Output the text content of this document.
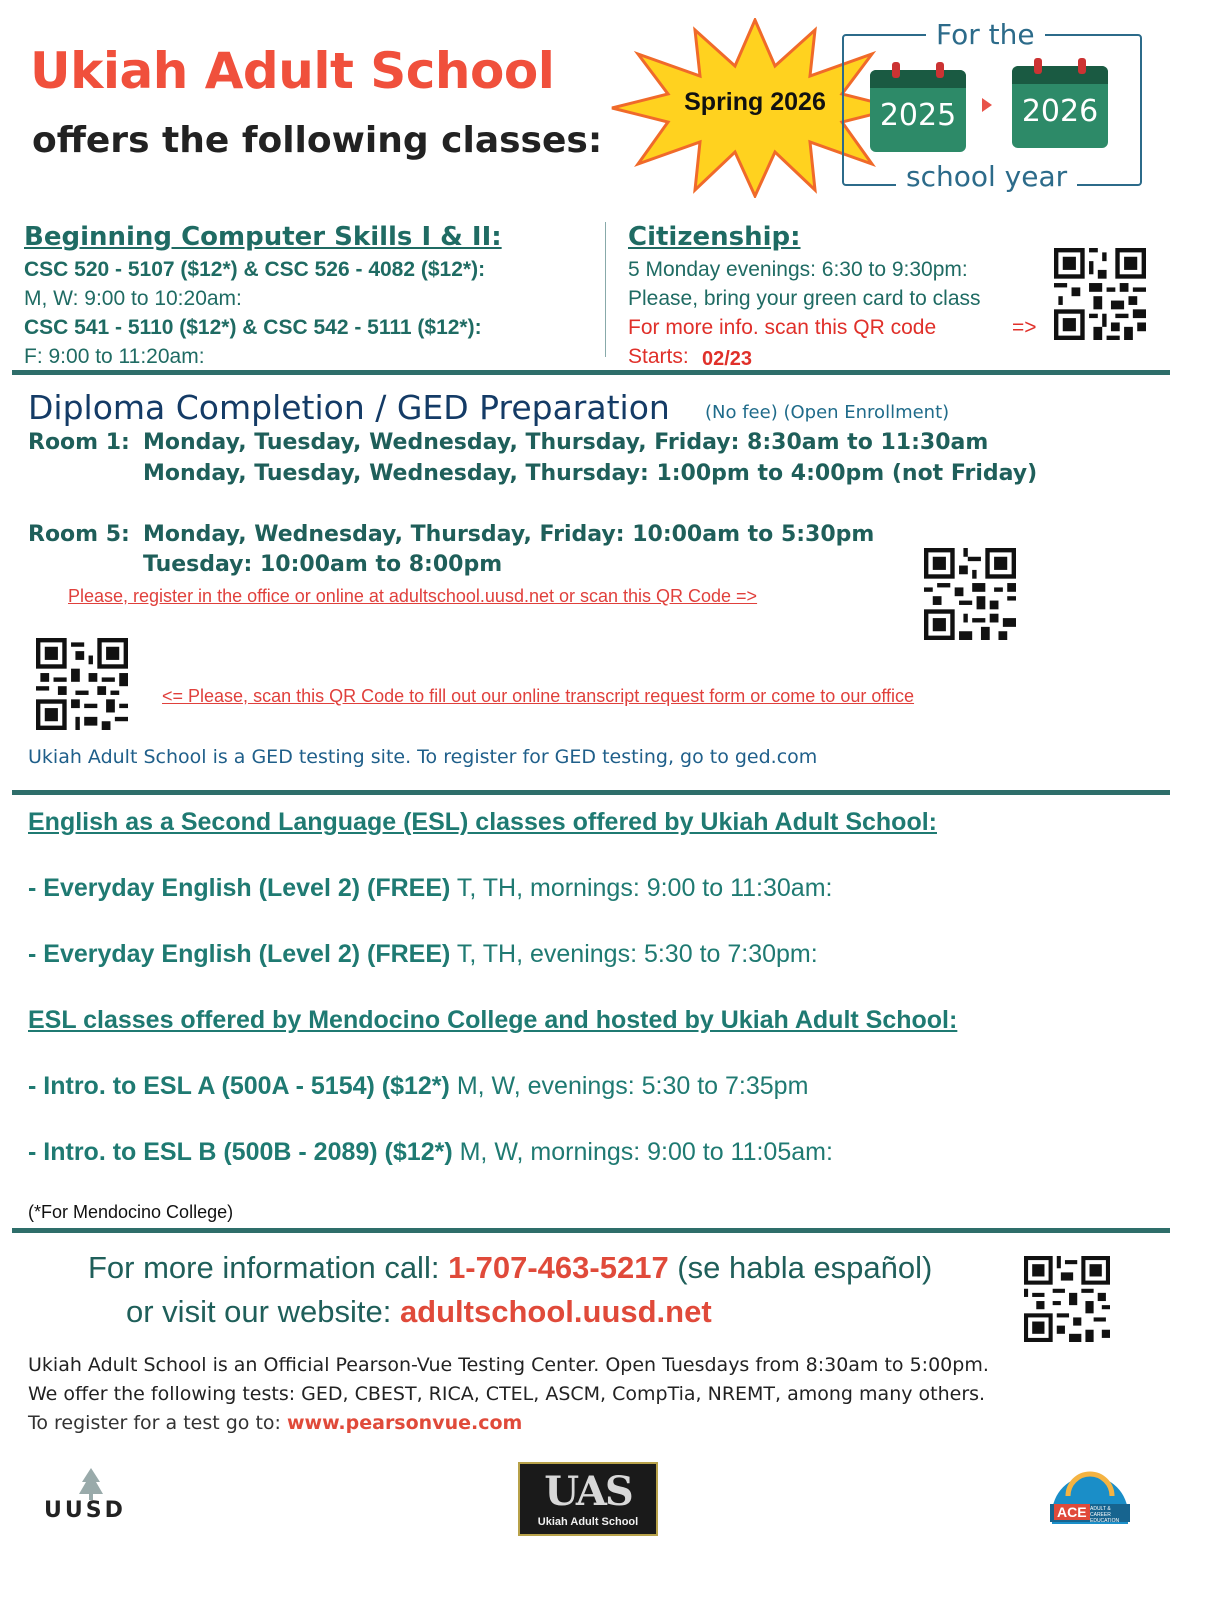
Ukiah Adult School
offers the following classes:
Spring 2026
For the
school year
2025	2026
Beginning Computer Skills I & II:
CSC 520 - 5107 ($12*) & CSC 526 - 4082 ($12*):
M, W: 9:00 to 10:20am:
CSC 541 - 5110 ($12*) & CSC 542 - 5111 ($12*):
F: 9:00 to 11:20am:
Citizenship:
5 Monday evenings: 6:30 to 9:30pm:
Please, bring your green card to class
For more info. scan this QR code	=>
Starts: 02/23
Diploma Completion / GED Preparation (No fee) (Open Enrollment)
Room 1: Monday, Tuesday, Wednesday, Thursday, Friday: 8:30am to 11:30am
Monday, Tuesday, Wednesday, Thursday: 1:00pm to 4:00pm (not Friday)
Room 5: Monday, Wednesday, Thursday, Friday: 10:00am to 5:30pm
Tuesday: 10:00am to 8:00pm
Please, register in the office or online at adultschool.uusd.net or scan this QR Code =>
<= Please, scan this QR Code to fill out our online transcript request form or come to our office
Ukiah Adult School is a GED testing site. To register for GED testing, go to ged.com
English as a Second Language (ESL) classes offered by Ukiah Adult School:
- Everyday English (Level 2) (FREE) T, TH, mornings: 9:00 to 11:30am:
- Everyday English (Level 2) (FREE) T, TH, evenings: 5:30 to 7:30pm:
ESL classes offered by Mendocino College and hosted by Ukiah Adult School:
- Intro. to ESL A (500A - 5154) ($12*) M, W, evenings: 5:30 to 7:35pm
- Intro. to ESL B (500B - 2089) ($12*) M, W, mornings: 9:00 to 11:05am:
(*For Mendocino College)
For more information call: 1-707-463-5217 (se habla español)
or visit our website: adultschool.uusd.net
Ukiah Adult School is an Official Pearson-Vue Testing Center. Open Tuesdays from 8:30am to 5:00pm.
We offer the following tests: GED, CBEST, RICA, CTEL, ASCM, CompTia, NREMT, among many others.
To register for a test go to: www.pearsonvue.com
UUSD	UAS
Ukiah Adult School
ACE ADULT & CAREER EDUCATION
